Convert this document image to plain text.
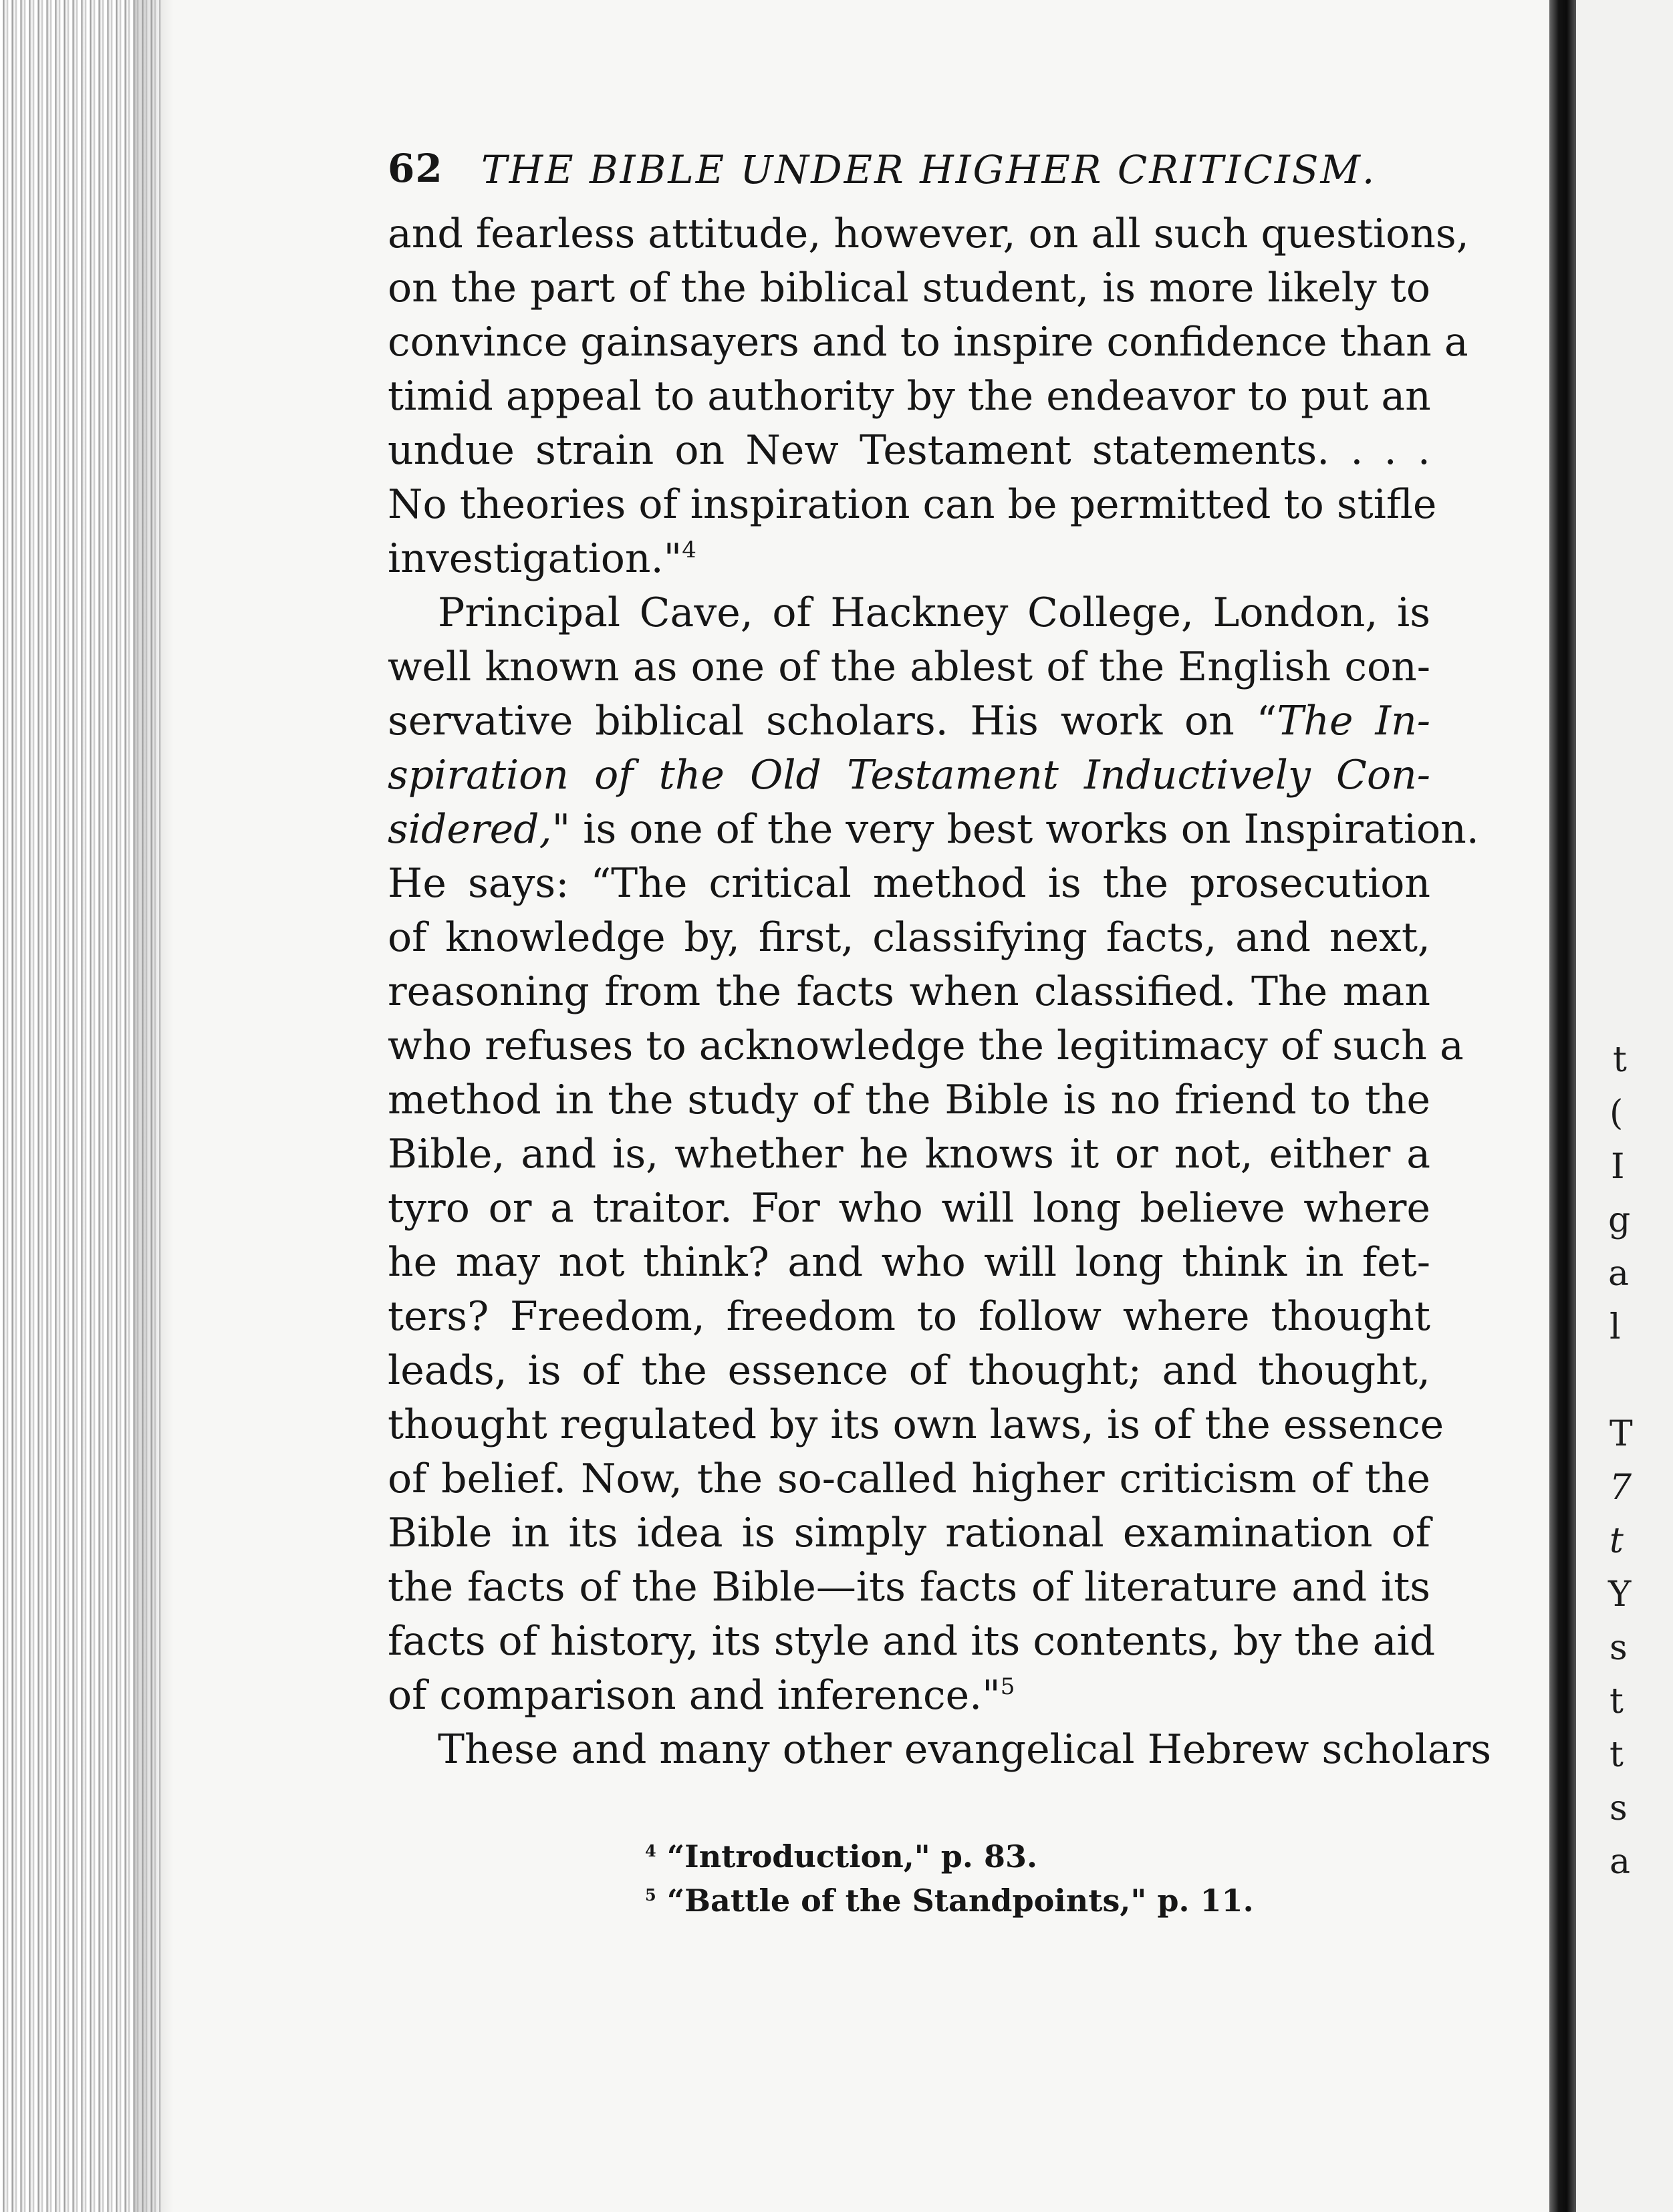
t
(
I
g
a
l
T
7
t
Y
s
t
t
s
a
62 THE BIBLE UNDER HIGHER CRITICISM.
and fearless attitude, however, on all such questions,
on the part of the biblical student, is more likely to
convince gainsayers and to inspire confidence than a
timid appeal to authority by the endeavor to put an
undue strain on New Testament statements. . . .
No theories of inspiration can be permitted to stifle
investigation."$^4$
Principal Cave, of Hackney College, London, is
well known as one of the ablest of the English con-
servative biblical scholars. His work on “The In-
spiration of the Old Testament Inductively Con-
sidered," is one of the very best works on Inspiration.
He says: “The critical method is the prosecution
of knowledge by, first, classifying facts, and next,
reasoning from the facts when classified. The man
who refuses to acknowledge the legitimacy of such a
method in the study of the Bible is no friend to the
Bible, and is, whether he knows it or not, either a
tyro or a traitor. For who will long believe where
he may not think? and who will long think in fet-
ters? Freedom, freedom to follow where thought
leads, is of the essence of thought; and thought,
thought regulated by its own laws, is of the essence
of belief. Now, the so-called higher criticism of the
Bible in its idea is simply rational examination of
the facts of the Bible—its facts of literature and its
facts of history, its style and its contents, by the aid
of comparison and inference."$^5$
These and many other evangelical Hebrew scholars
$^4$ “Introduction," p. 83.
$^5$ “Battle of the Standpoints," p. 11.
